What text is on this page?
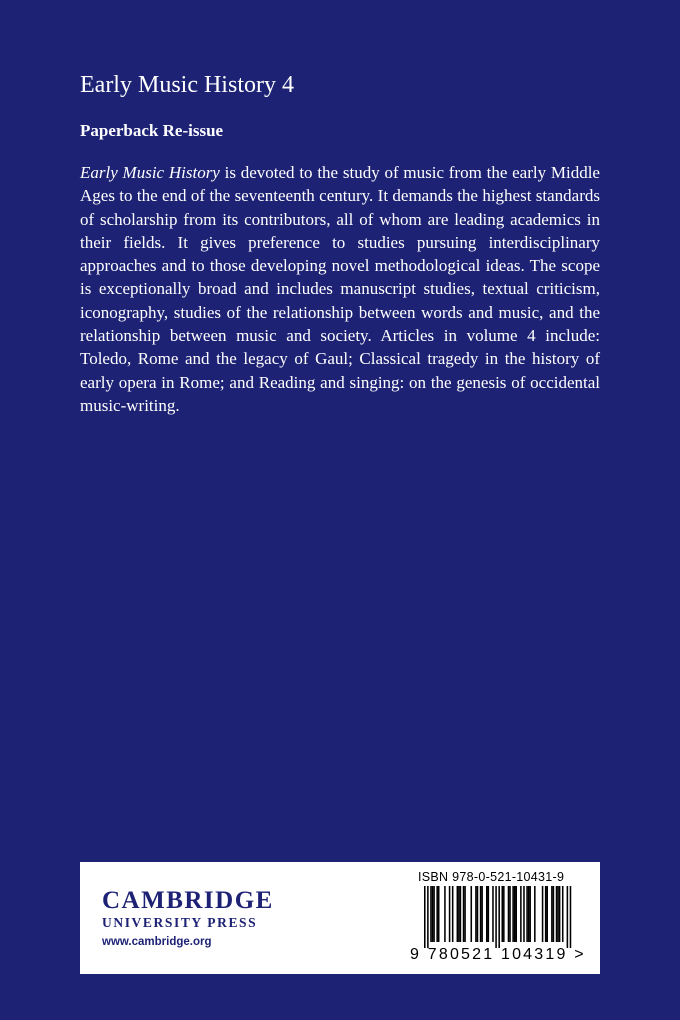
Early Music History 4
Paperback Re-issue

Early Music History is devoted to the study of music from the early Middle Ages to the end of the seventeenth century. It demands the highest standards of scholarship from its contributors, all of whom are leading academics in their fields. It gives preference to studies pursuing interdisciplinary approaches and to those developing novel methodological ideas. The scope is exceptionally broad and includes manuscript studies, textual criticism, iconography, studies of the relationship between words and music, and the relationship between music and society. Articles in volume 4 include: Toledo, Rome and the legacy of Gaul; Classical tragedy in the history of early opera in Rome; and Reading and singing: on the genesis of occidental music-writing.

CAMBRIDGE
UNIVERSITY PRESS
www.cambridge.org
ISBN 978-0-521-10431-9
9 780521 104319 >
